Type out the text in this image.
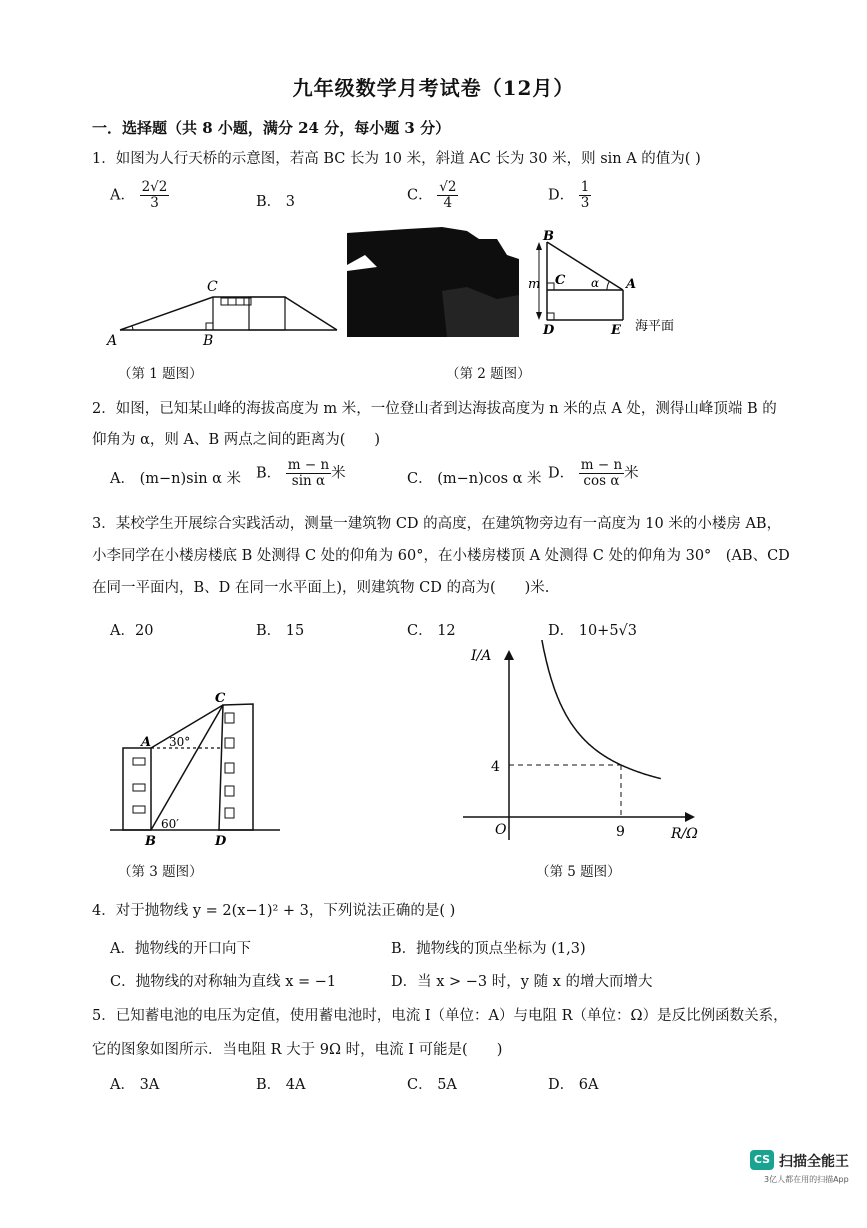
九年级数学月考试卷（12月）
一．选择题（共 8 小题，满分 24 分，每小题 3 分）
1．如图为人行天桥的示意图，若高 BC 长为 10 米，斜道 AC 长为 30 米，则 sin A 的值为( )
A． $\frac{2√2}{3}$	B． 3	C． $\frac{√2}{4}$	D． $\frac{1}{3}$
A	B
C
（第 1 题图）
B
C	A
D	E
m	α
海平面
（第 2 题图）
2．如图，已知某山峰的海拔高度为 m 米，一位登山者到达海拔高度为 n 米的点 A 处，测得山峰顶端 B 的
仰角为 α，则 A、B 两点之间的距离为(　　)
A． (m−n)sin α 米 B． $\frac{m - n}{\text{sin α}}$ 米	C． (m−n)cos α 米 D． $\frac{m - n}{\text{cos α}}$ 米
3．某校学生开展综合实践活动，测量一建筑物 CD 的高度，在建筑物旁边有一高度为 10 米的小楼房 AB，
小李同学在小楼房楼底 B 处测得 C 处的仰角为 60°，在小楼房楼顶 A 处测得 C 处的仰角为 30°　(AB、CD
在同一平面内，B、D 在同一水平面上)，则建筑物 CD 的高为(　　)米.
A．20	B． 15	C． 12	D． 10+5√3
A
B
C
D
30°
60′
（第 3 题图）
I/A
R/Ω
O
4
9
（第 5 题图）
4．对于抛物线 y = 2(x−1)² + 3，下列说法正确的是( )
A．抛物线的开口向下	B．抛物线的顶点坐标为 (1,3)
C．抛物线的对称轴为直线 x = −1	D．当 x > −3 时，y 随 x 的增大而增大
5．已知蓄电池的电压为定值，使用蓄电池时，电流 I（单位：A）与电阻 R（单位：Ω）是反比例函数关系，
它的图象如图所示．当电阻 R 大于 9Ω 时，电流 I 可能是(　　)
A． 3A	B． 4A	C． 5A	D． 6A
CS 扫描全能王
3亿人都在用的扫描App
